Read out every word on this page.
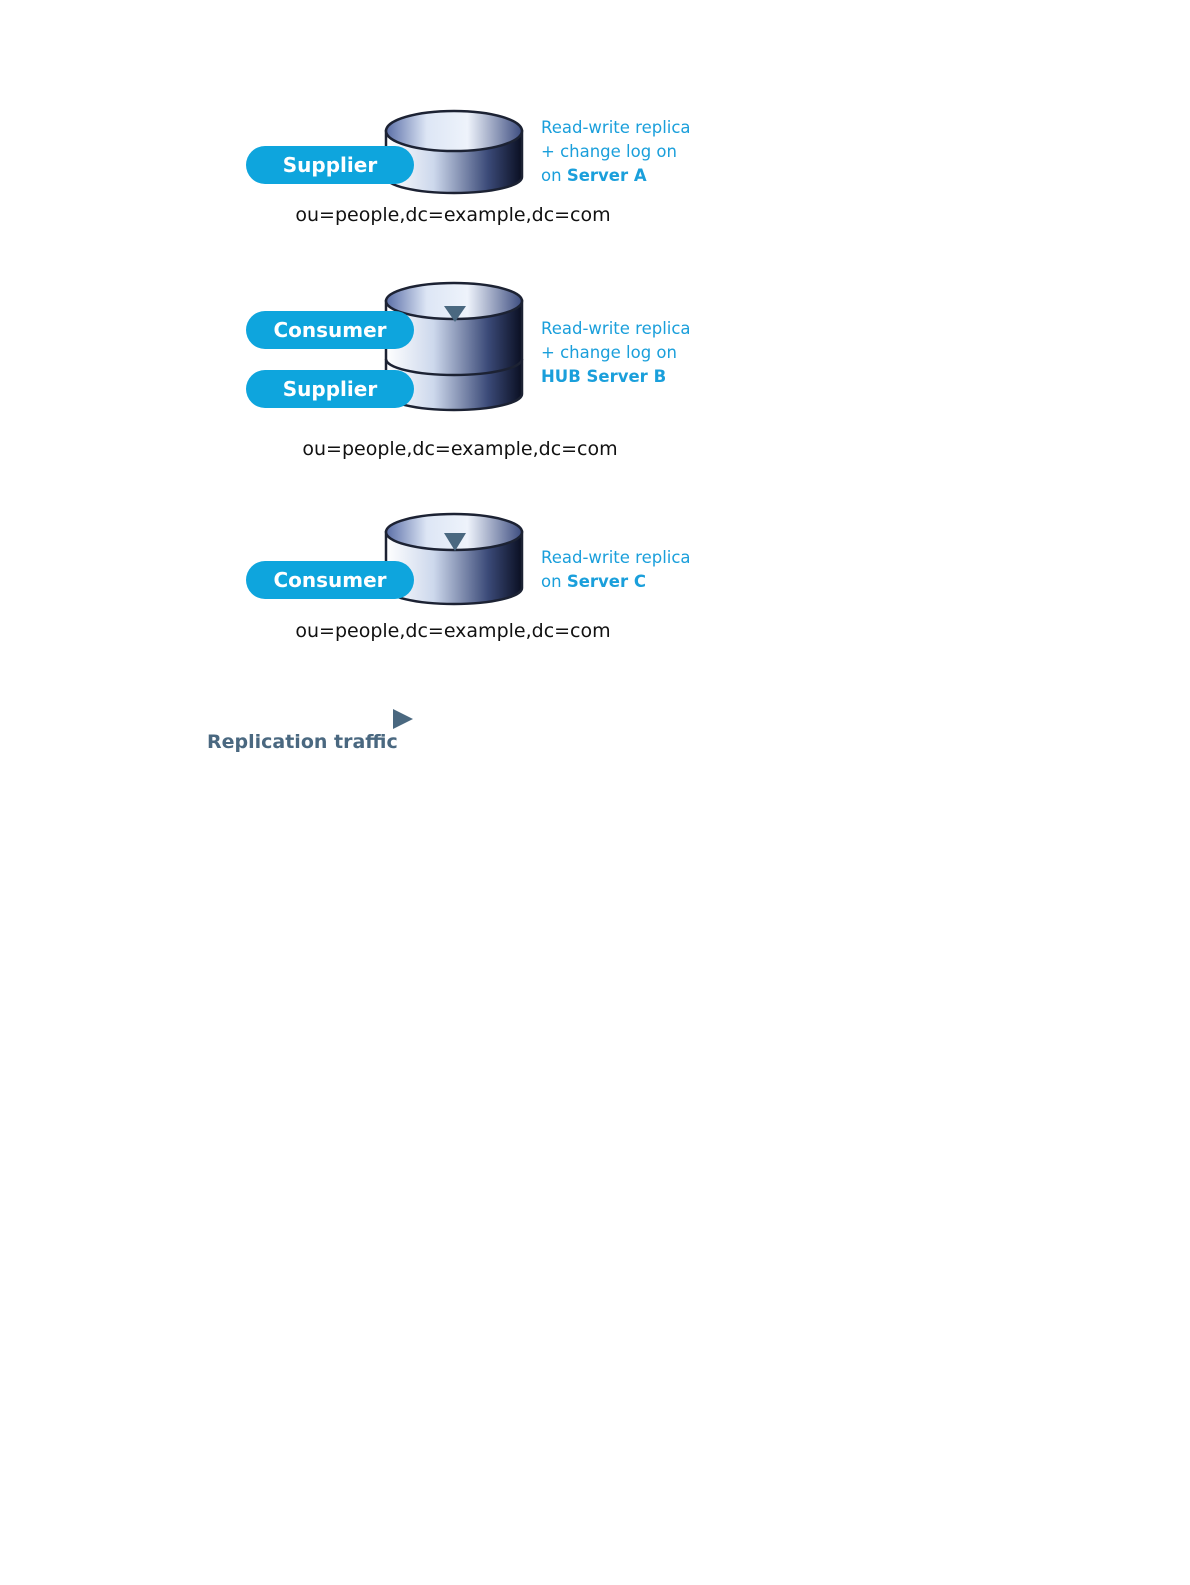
Supplier
Read-write replica
+ change log on
on Server A
ou=people,dc=example,dc=com
Consumer
Supplier
Read-write replica
+ change log on
HUB Server B
ou=people,dc=example,dc=com
Consumer
Read-write replica
on Server C
ou=people,dc=example,dc=com
Replication traffic
